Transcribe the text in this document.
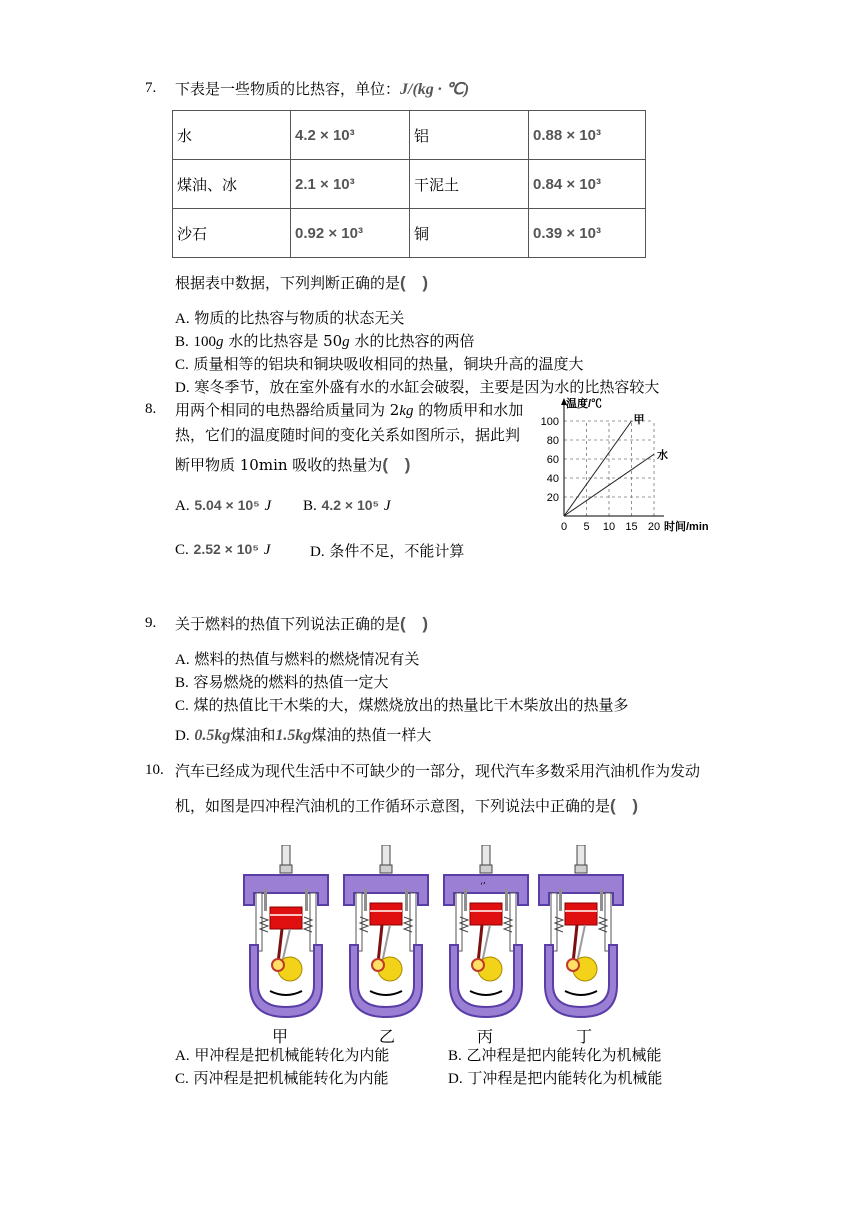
7. 下表是一些物质的比热容，单位：J/(kg · ℃)
水	4.2 × 10³	铝	0.88 × 10³
煤油、冰	2.1 × 10³	干泥土	0.84 × 10³
沙石	0.92 × 10³	铜	0.39 × 10³
根据表中数据，下列判断正确的是( )
A. 物质的比热容与物质的状态无关
B. 100g 水的比热容是 50g 水的比热容的两倍
C. 质量相等的铝块和铜块吸收相同的热量，铜块升高的温度大
D. 寒冬季节，放在室外盛有水的水缸会破裂，主要是因为水的比热容较大
8. 用两个相同的电热器给质量同为 2kg 的物质甲和水加
热，它们的温度随时间的变化关系如图所示，据此判
断甲物质 10min 吸收的热量为( )
A. 5.04 × 10⁵ J B. 4.2 × 10⁵ J
C. 2.52 × 10⁵ J	D. 条件不足，不能计算
20
40
60
80
100
0 5 10 15 20
温度/℃
时间/min
甲
水
9. 关于燃料的热值下列说法正确的是( )
A. 燃料的热值与燃料的燃烧情况有关
B. 容易燃烧的燃料的热值一定大
C. 煤的热值比干木柴的大，煤燃烧放出的热量比干木柴放出的热量多
D. 0.5kg煤油和1.5kg煤油的热值一样大
10. 汽车已经成为现代生活中不可缺少的一部分，现代汽车多数采用汽油机作为发动
机，如图是四冲程汽油机的工作循环示意图，下列说法中正确的是( )
‘’
甲	乙	丙	丁
A. 甲冲程是把机械能转化为内能	B. 乙冲程是把内能转化为机械能
C. 丙冲程是把机械能转化为内能	D. 丁冲程是把内能转化为机械能
